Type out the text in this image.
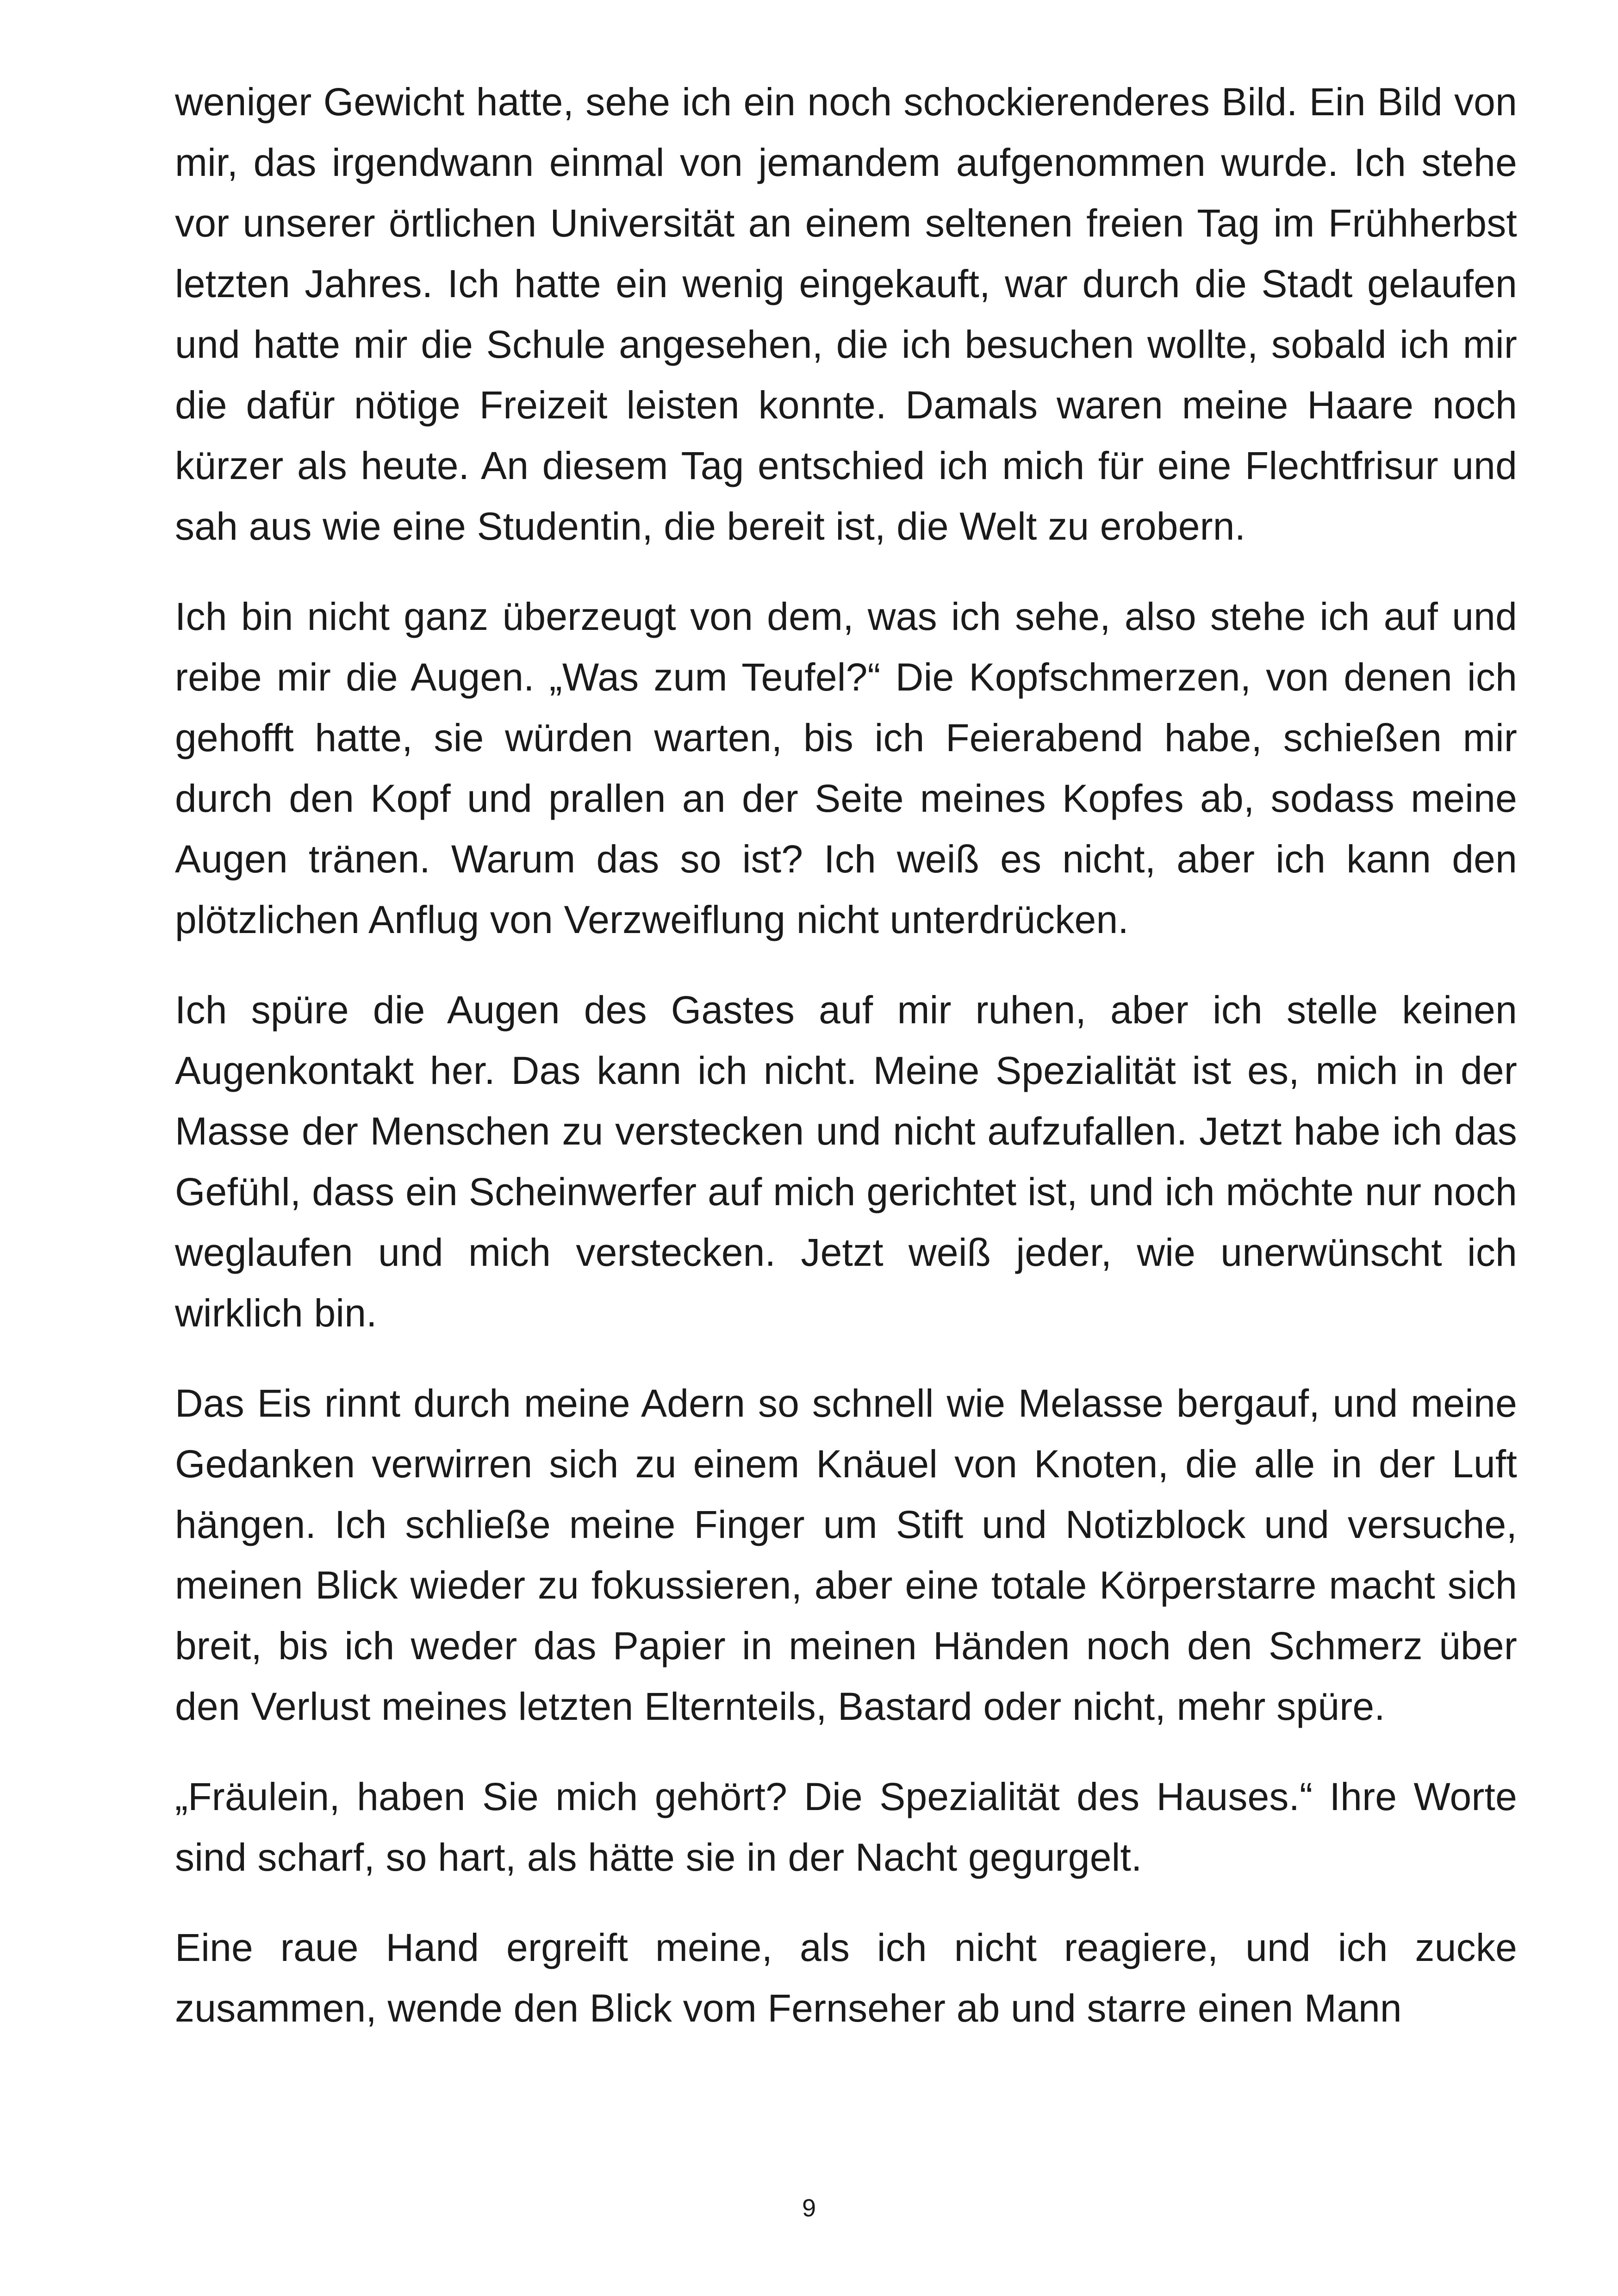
weniger Gewicht hatte, sehe ich ein noch schockierenderes Bild. Ein Bild von mir, das irgendwann einmal von jemandem aufgenommen wurde. Ich stehe vor unserer örtlichen Universität an einem seltenen freien Tag im Frühherbst letzten Jahres. Ich hatte ein wenig eingekauft, war durch die Stadt gelaufen und hatte mir die Schule angesehen, die ich besuchen wollte, sobald ich mir die dafür nötige Freizeit leisten konnte. Damals waren meine Haare noch kürzer als heute. An diesem Tag entschied ich mich für eine Flechtfrisur und sah aus wie eine Studentin, die bereit ist, die Welt zu erobern.

Ich bin nicht ganz überzeugt von dem, was ich sehe, also stehe ich auf und reibe mir die Augen. „Was zum Teufel?“ Die Kopfschmerzen, von denen ich gehofft hatte, sie würden warten, bis ich Feierabend habe, schießen mir durch den Kopf und prallen an der Seite meines Kopfes ab, sodass meine Augen tränen. Warum das so ist? Ich weiß es nicht, aber ich kann den plötzlichen Anflug von Verzweiflung nicht unterdrücken.

Ich spüre die Augen des Gastes auf mir ruhen, aber ich stelle keinen Augenkontakt her. Das kann ich nicht. Meine Spezialität ist es, mich in der Masse der Menschen zu verstecken und nicht aufzufallen. Jetzt habe ich das Gefühl, dass ein Scheinwerfer auf mich gerichtet ist, und ich möchte nur noch weglaufen und mich verstecken. Jetzt weiß jeder, wie unerwünscht ich wirklich bin.

Das Eis rinnt durch meine Adern so schnell wie Melasse bergauf, und meine Gedanken verwirren sich zu einem Knäuel von Knoten, die alle in der Luft hängen. Ich schließe meine Finger um Stift und Notizblock und versuche, meinen Blick wieder zu fokussieren, aber eine totale Körperstarre macht sich breit, bis ich weder das Papier in meinen Händen noch den Schmerz über den Verlust meines letzten Elternteils, Bastard oder nicht, mehr spüre.

„Fräulein, haben Sie mich gehört? Die Spezialität des Hauses.“ Ihre Worte sind scharf, so hart, als hätte sie in der Nacht gegurgelt.

Eine raue Hand ergreift meine, als ich nicht reagiere, und ich zucke zusammen, wende den Blick vom Fernseher ab und starre einen Mann

9
